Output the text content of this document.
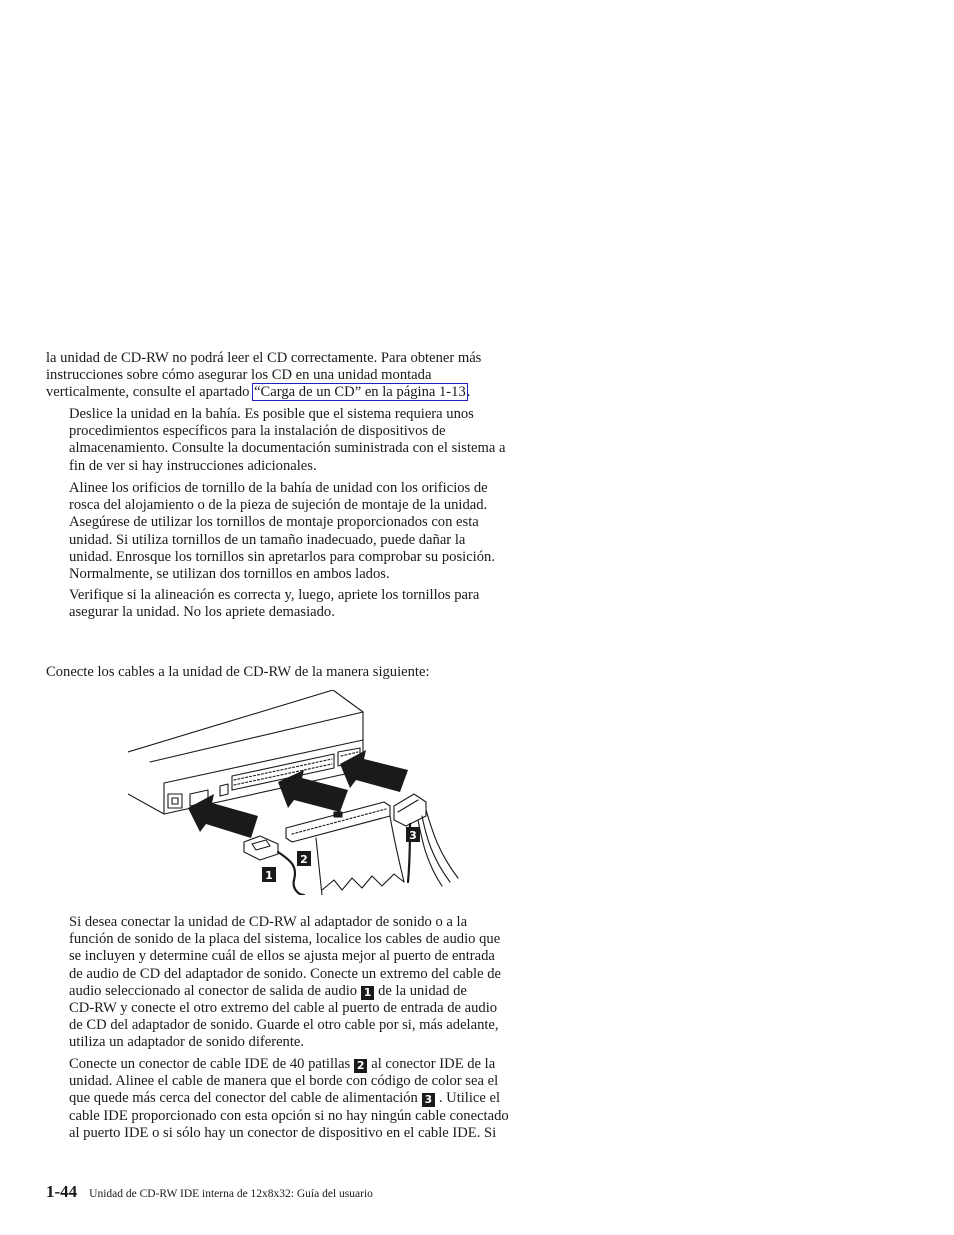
la unidad de CD-RW no podrá leer el CD correctamente. Para obtener más
instrucciones sobre cómo asegurar los CD en una unidad montada
verticalmente, consulte el apartado “Carga de un CD” en la página 1-13.

Deslice la unidad en la bahía. Es posible que el sistema requiera unos
procedimientos específicos para la instalación de dispositivos de
almacenamiento. Consulte la documentación suministrada con el sistema a
fin de ver si hay instrucciones adicionales.

Alinee los orificios de tornillo de la bahía de unidad con los orificios de
rosca del alojamiento o de la pieza de sujeción de montaje de la unidad.
Asegúrese de utilizar los tornillos de montaje proporcionados con esta
unidad. Si utiliza tornillos de un tamaño inadecuado, puede dañar la
unidad. Enrosque los tornillos sin apretarlos para comprobar su posición.
Normalmente, se utilizan dos tornillos en ambos lados.

Verifique si la alineación es correcta y, luego, apriete los tornillos para
asegurar la unidad. No los apriete demasiado.

Conecte los cables a la unidad de CD-RW de la manera siguiente:

1
2
3

Si desea conectar la unidad de CD-RW al adaptador de sonido o a la
función de sonido de la placa del sistema, localice los cables de audio que
se incluyen y determine cuál de ellos se ajusta mejor al puerto de entrada
de audio de CD del adaptador de sonido. Conecte un extremo del cable de
audio seleccionado al conector de salida de audio 1 de la unidad de
CD-RW y conecte el otro extremo del cable al puerto de entrada de audio
de CD del adaptador de sonido. Guarde el otro cable por si, más adelante,
utiliza un adaptador de sonido diferente.

Conecte un conector de cable IDE de 40 patillas 2 al conector IDE de la
unidad. Alinee el cable de manera que el borde con código de color sea el
que quede más cerca del conector del cable de alimentación 3 . Utilice el
cable IDE proporcionado con esta opción si no hay ningún cable conectado
al puerto IDE o si sólo hay un conector de dispositivo en el cable IDE. Si

1-44 Unidad de CD-RW IDE interna de 12x8x32: Guía del usuario
